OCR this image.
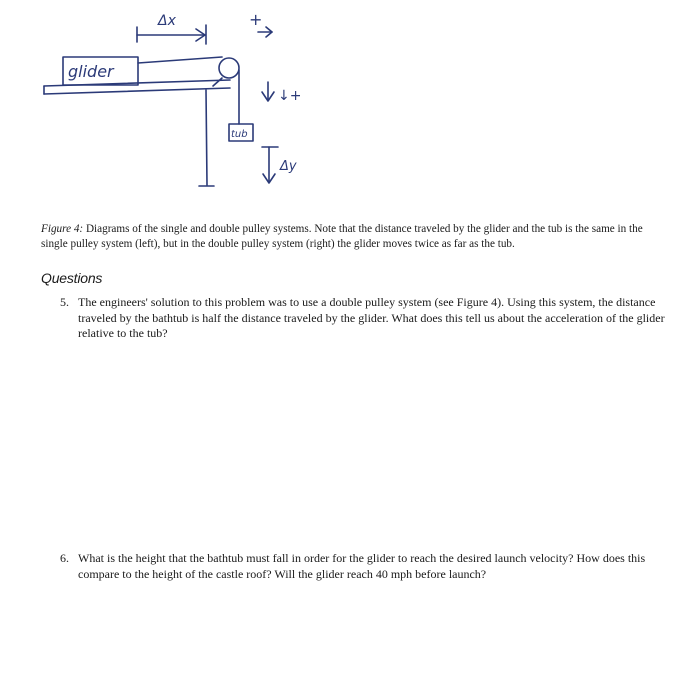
Δx	+
glider
↓+
tub
Δy
Figure 4: Diagrams of the single and double pulley systems. Note that the distance traveled by the glider and the tub is the same in the single pulley system (left), but in the double pulley system (right) the glider moves twice as far as the tub.
Questions
5. The engineers' solution to this problem was to use a double pulley system (see Figure 4). Using this system, the distance traveled by the bathtub is half the distance traveled by the glider. What does this tell us about the acceleration of the glider relative to the tub?
6. What is the height that the bathtub must fall in order for the glider to reach the desired launch velocity? How does this compare to the height of the castle roof? Will the glider reach 40 mph before launch?
